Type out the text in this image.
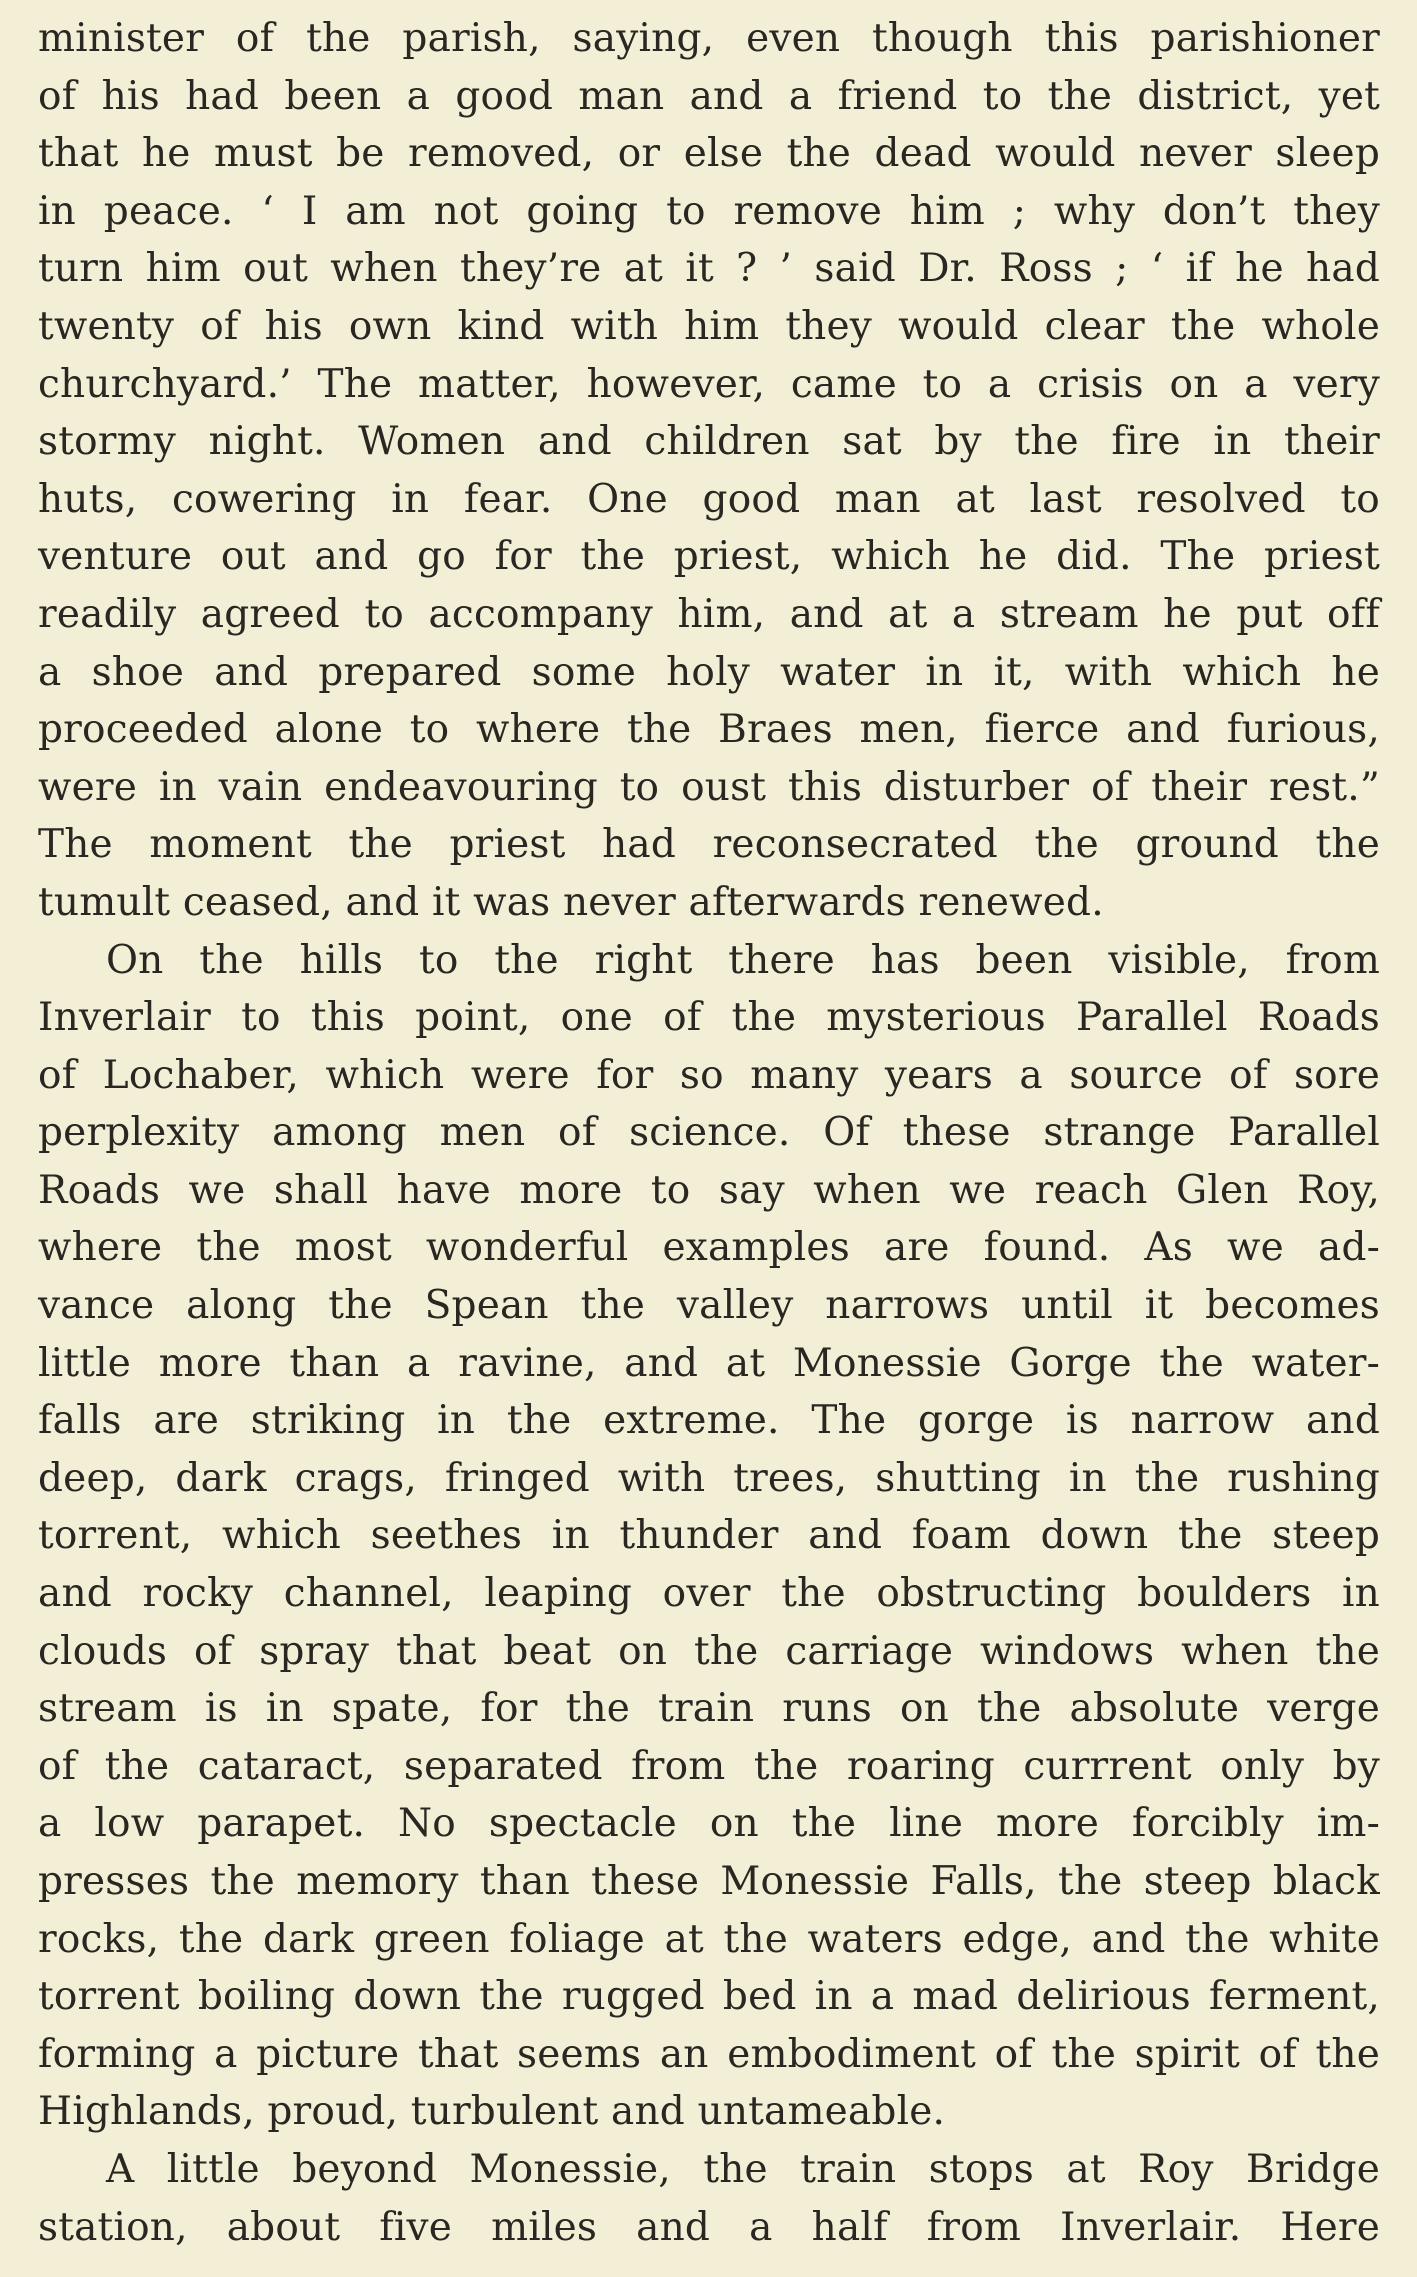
minister of the parish, saying, even though this parishioner
of his had been a good man and a friend to the district, yet
that he must be removed, or else the dead would never sleep
in peace. ‘ I am not going to remove him ; why don’t they
turn him out when they’re at it ? ’ said Dr. Ross ; ‘ if he had
twenty of his own kind with him they would clear the whole
churchyard.’ The matter, however, came to a crisis on a very
stormy night. Women and children sat by the fire in their
huts, cowering in fear. One good man at last resolved to
venture out and go for the priest, which he did. The priest
readily agreed to accompany him, and at a stream he put off
a shoe and prepared some holy water in it, with which he
proceeded alone to where the Braes men, fierce and furious,
were in vain endeavouring to oust this disturber of their rest.”
The moment the priest had reconsecrated the ground the
tumult ceased, and it was never afterwards renewed.
On the hills to the right there has been visible, from
Inverlair to this point, one of the mysterious Parallel Roads
of Lochaber, which were for so many years a source of sore
perplexity among men of science. Of these strange Parallel
Roads we shall have more to say when we reach Glen Roy,
where the most wonderful examples are found. As we ad-
vance along the Spean the valley narrows until it becomes
little more than a ravine, and at Monessie Gorge the water-
falls are striking in the extreme. The gorge is narrow and
deep, dark crags, fringed with trees, shutting in the rushing
torrent, which seethes in thunder and foam down the steep
and rocky channel, leaping over the obstructing boulders in
clouds of spray that beat on the carriage windows when the
stream is in spate, for the train runs on the absolute verge
of the cataract, separated from the roaring currrent only by
a low parapet. No spectacle on the line more forcibly im-
presses the memory than these Monessie Falls, the steep black
rocks, the dark green foliage at the waters edge, and the white
torrent boiling down the rugged bed in a mad delirious ferment,
forming a picture that seems an embodiment of the spirit of the
Highlands, proud, turbulent and untameable.
A little beyond Monessie, the train stops at Roy Bridge
station, about five miles and a half from Inverlair. Here
